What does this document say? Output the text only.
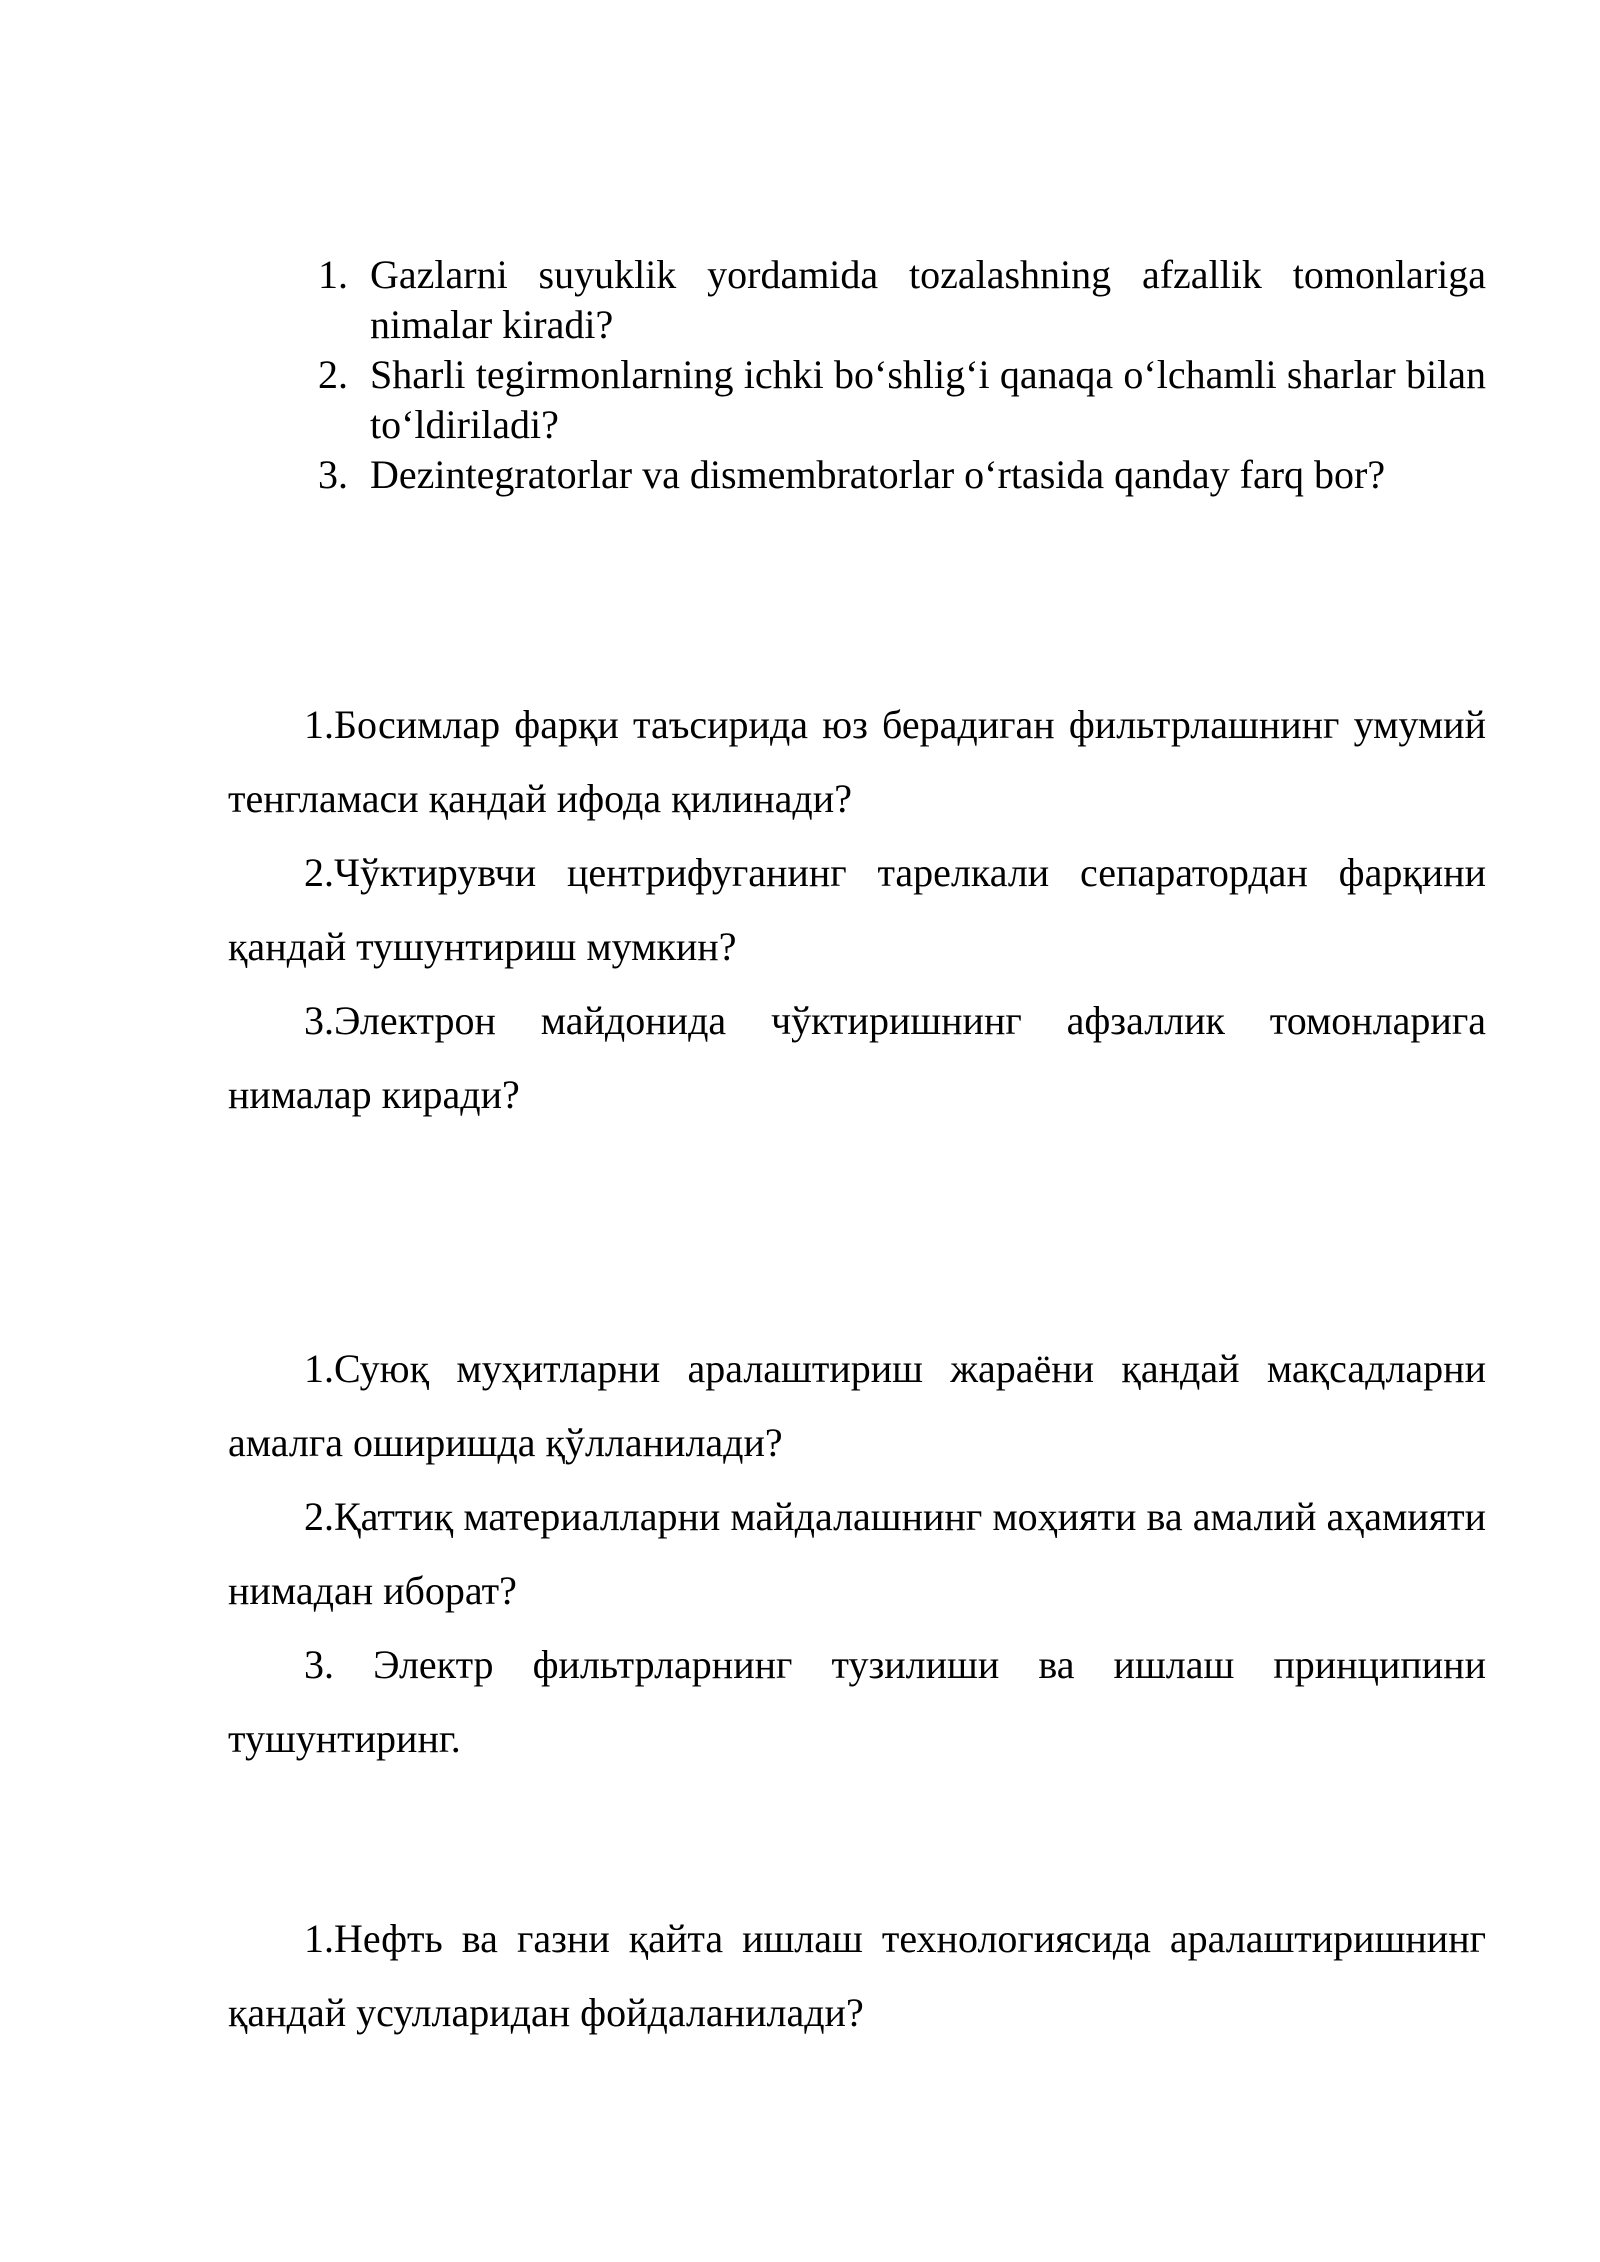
1. Gazlarni suyuklik yordamida tozalashning afzallik tomonlariga nimalar kiradi?
2. Sharli tegirmonlarning ichki bo‘shlig‘i qanaqa o‘lchamli sharlar bilan to‘ldiriladi?
3. Dezintegratorlar va dismembratorlar o‘rtasida qanday farq bor?

1.Босимлар фарқи таъсирида юз берадиган фильтрлашнинг умумий тенгламаси қандай ифода қилинади?

2.Чўктирувчи центрифуганинг тарелкали сепаратордан фарқини қандай тушунтириш мумкин?

3.Электрон майдонида чўктиришнинг афзаллик томонларига нималар киради?

1.Суюқ муҳитларни аралаштириш жараёни қандай мақсадларни амалга оширишда қўлланилади?

2.Қаттиқ материалларни майдалашнинг моҳияти ва амалий аҳамияти нимадан иборат?

3. Электр фильтрларнинг тузилиши ва ишлаш принципини тушунтиринг.

1.Нефть ва газни қайта ишлаш технологиясида аралаштиришнинг қандай усулларидан фойдаланилади?
